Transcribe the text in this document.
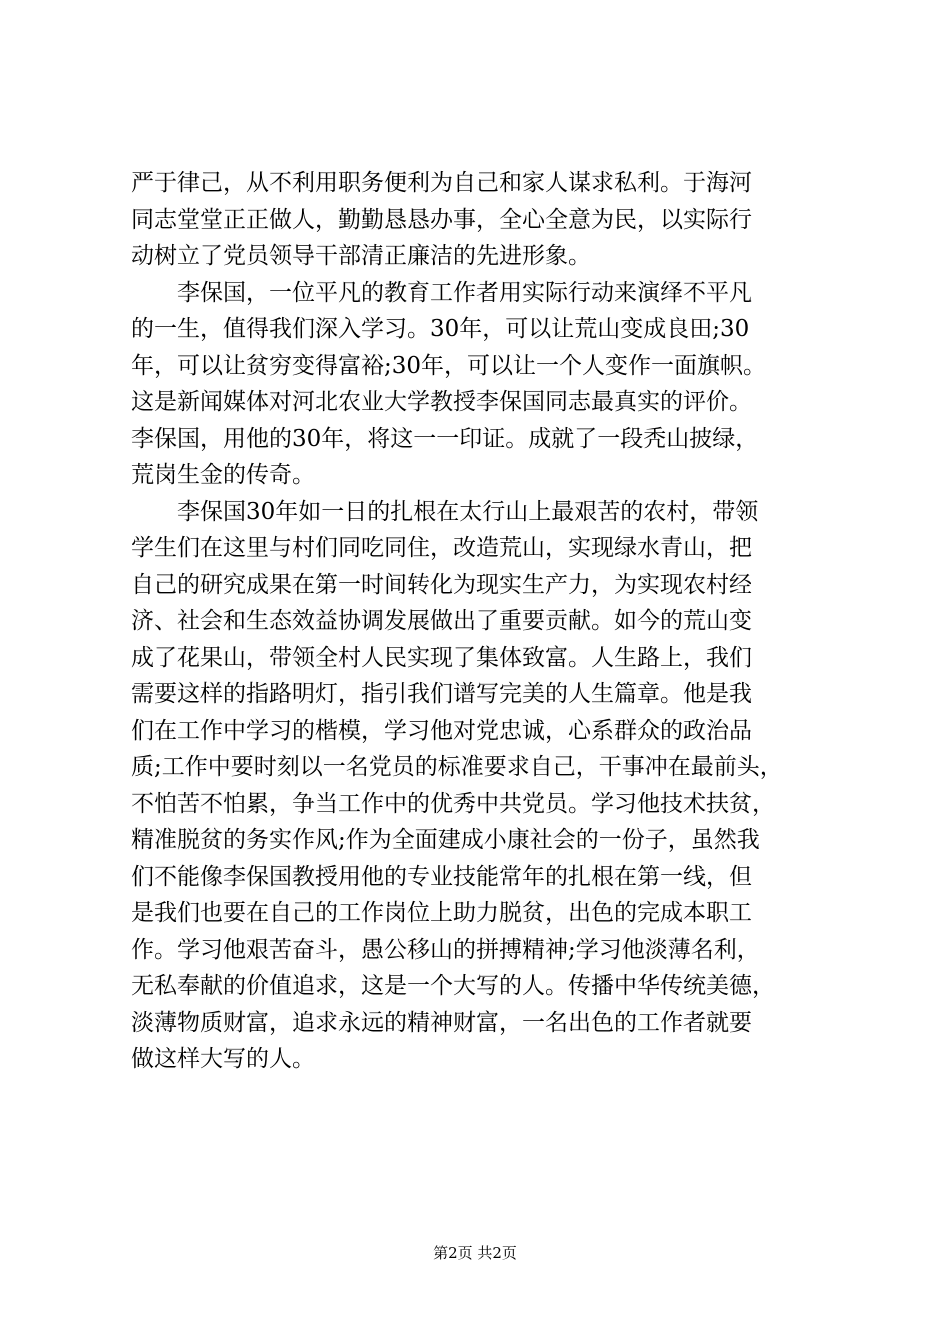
严于律己，从不利用职务便利为自己和家人谋求私利。于海河
同志堂堂正正做人，勤勤恳恳办事，全心全意为民，以实际行
动树立了党员领导干部清正廉洁的先进形象。
　　李保国，一位平凡的教育工作者用实际行动来演绎不平凡
的一生，值得我们深入学习。30年，可以让荒山变成良田;30
年，可以让贫穷变得富裕;30年，可以让一个人变作一面旗帜。
这是新闻媒体对河北农业大学教授李保国同志最真实的评价。
李保国，用他的30年，将这一一印证。成就了一段秃山披绿，
荒岗生金的传奇。
　　李保国30年如一日的扎根在太行山上最艰苦的农村，带领
学生们在这里与村们同吃同住，改造荒山，实现绿水青山，把
自己的研究成果在第一时间转化为现实生产力，为实现农村经
济、社会和生态效益协调发展做出了重要贡献。如今的荒山变
成了花果山，带领全村人民实现了集体致富。人生路上，我们
需要这样的指路明灯，指引我们谱写完美的人生篇章。他是我
们在工作中学习的楷模，学习他对党忠诚，心系群众的政治品
质;工作中要时刻以一名党员的标准要求自己，干事冲在最前头，
不怕苦不怕累，争当工作中的优秀中共党员。学习他技术扶贫，
精准脱贫的务实作风;作为全面建成小康社会的一份子，虽然我
们不能像李保国教授用他的专业技能常年的扎根在第一线，但
是我们也要在自己的工作岗位上助力脱贫，出色的完成本职工
作。学习他艰苦奋斗，愚公移山的拼搏精神;学习他淡薄名利，
无私奉献的价值追求，这是一个大写的人。传播中华传统美德，
淡薄物质财富，追求永远的精神财富，一名出色的工作者就要
做这样大写的人。
第2页 共2页
